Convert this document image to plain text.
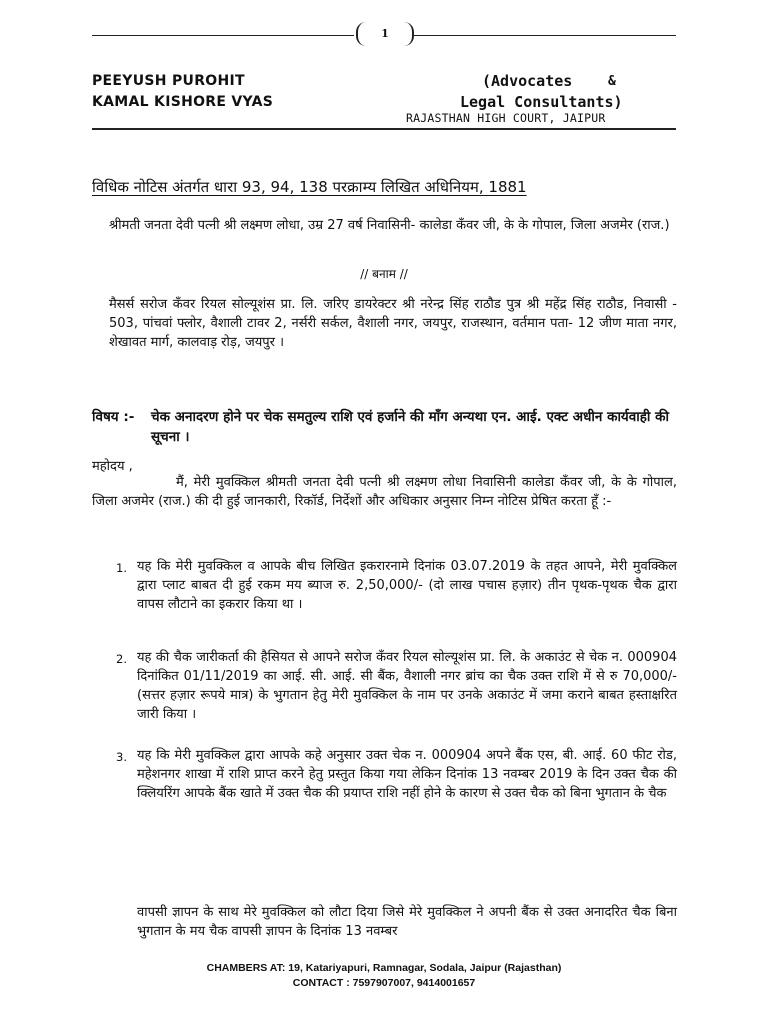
1
PEEYUSH PUROHIT
KAMAL KISHORE VYAS
(Advocates	&
Legal Consultants)
RAJASTHAN HIGH COURT, JAIPUR
विधिक नोटिस अंतर्गत धारा 93, 94, 138 परक्राम्य लिखित अधिनियम, 1881
श्रीमती जनता देवी पत्नी श्री लक्ष्मण लोधा, उम्र 27 वर्ष निवासिनी- कालेडा कँवर जी, के के गोपाल, जिला अजमेर (राज.)
// बनाम //
मैसर्स सरोज कँवर रियल सोल्यूशंस प्रा. लि. जरिए डायरेक्टर श्री नरेन्द्र सिंह राठौड पुत्र श्री महेंद्र सिंह राठौड, निवासी - 503, पांचवां फ्लोर, वैशाली टावर 2, नर्सरी सर्कल, वैशाली नगर, जयपुर, राजस्थान, वर्तमान पता- 12 जीण माता नगर, शेखावत मार्ग, कालवाड़ रोड़, जयपुर ।
विषय :- चेक अनादरण होने पर चेक समतुल्य राशि एवं हर्जाने की माँग अन्यथा एन. आई. एक्ट अधीन कार्यवाही की सूचना ।
महोदय ,
मैं, मेरी मुवक्किल श्रीमती जनता देवी पत्नी श्री लक्ष्मण लोधा निवासिनी कालेडा कँवर जी, के के गोपाल, जिला अजमेर (राज.) की दी हुई जानकारी, रिकॉर्ड, निर्देशों और अधिकार अनुसार निम्न नोटिस प्रेषित करता हूँ :-
1. यह कि मेरी मुवक्किल व आपके बीच लिखित इकरारनामे दिनांक 03.07.2019 के तहत आपने, मेरी मुवक्किल द्वारा प्लाट बाबत दी हुई रकम मय ब्याज रु. 2,50,000/- (दो लाख पचास हज़ार) तीन पृथक-पृथक चैक द्वारा वापस लौटाने का इकरार किया था ।
2. यह की चैक जारीकर्ता की हैसियत से आपने सरोज कँवर रियल सोल्यूशंस प्रा. लि. के अकाउंट से चेक न. 000904 दिनांकित 01/11/2019 का आई. सी. आई. सी बैंक, वैशाली नगर ब्रांच का चैक उक्त राशि में से रु 70,000/- (सत्तर हज़ार रूपये मात्र) के भुगतान हेतु मेरी मुवक्किल के नाम पर उनके अकाउंट में जमा कराने बाबत हस्ताक्षरित जारी किया ।
3. यह कि मेरी मुवक्किल द्वारा आपके कहे अनुसार उक्त चेक न. 000904 अपने बैंक एस, बी. आई. 60 फीट रोड, महेशनगर शाखा में राशि प्राप्त करने हेतु प्रस्तुत किया गया लेकिन दिनांक 13 नवम्बर 2019 के दिन उक्त चैक की क्लियरिंग आपके बैंक खाते में उक्त चैक की प्रयाप्त राशि नहीं होने के कारण से उक्त चैक को बिना भुगतान के चैक
वापसी ज्ञापन के साथ मेरे मुवक्किल को लौटा दिया जिसे मेरे मुवक्किल ने अपनी बैंक से उक्त अनादरित चैक बिना भुगतान के मय चैक वापसी ज्ञापन के दिनांक 13 नवम्बर
CHAMBERS AT: 19, Katariyapuri, Ramnagar, Sodala, Jaipur (Rajasthan)
CONTACT : 7597907007, 9414001657
